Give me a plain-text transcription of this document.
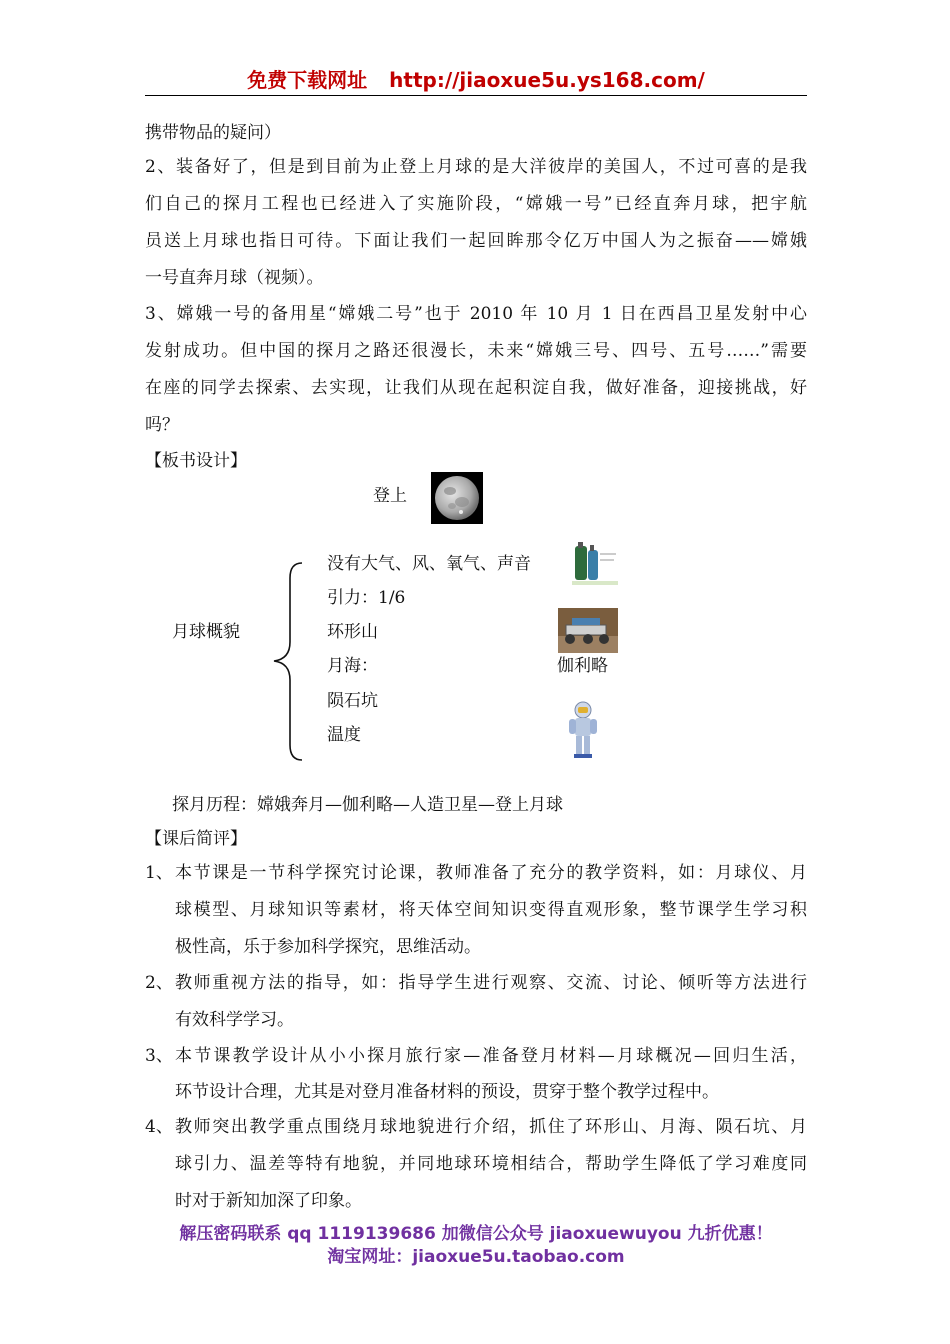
免费下载网址 http://jiaoxue5u.ys168.com/
携带物品的疑问）
2、装备好了，但是到目前为止登上月球的是大洋彼岸的美国人，不过可喜的是我
们自己的探月工程也已经进入了实施阶段，“嫦娥一号”已经直奔月球，把宇航
员送上月球也指日可待。下面让我们一起回眸那令亿万中国人为之振奋——嫦娥
一号直奔月球（视频）。
3、嫦娥一号的备用星“嫦娥二号”也于 2010 年 10 月 1 日在西昌卫星发射中心
发射成功。但中国的探月之路还很漫长，未来“嫦娥三号、四号、五号……”需要
在座的同学去探索、去实现，让我们从现在起积淀自我，做好准备，迎接挑战，好
吗？
【板书设计】
登上
月球概貌
没有大气、风、氧气、声音
引力：1/6
环形山
月海：
陨石坑
温度
伽利略
探月历程：嫦娥奔月—伽利略—人造卫星—登上月球
【课后简评】
1、 本节课是一节科学探究讨论课，教师准备了充分的教学资料，如：月球仪、月
球模型、月球知识等素材，将天体空间知识变得直观形象，整节课学生学习积
极性高，乐于参加科学探究，思维活动。
2、 教师重视方法的指导，如：指导学生进行观察、交流、讨论、倾听等方法进行
有效科学学习。
3、 本节课教学设计从小小探月旅行家—准备登月材料—月球概况—回归生活，
环节设计合理，尤其是对登月准备材料的预设，贯穿于整个教学过程中。
4、 教师突出教学重点围绕月球地貌进行介绍，抓住了环形山、月海、陨石坑、月
球引力、温差等特有地貌，并同地球环境相结合，帮助学生降低了学习难度同
时对于新知加深了印象。
解压密码联系 qq 1119139686 加微信公众号 jiaoxuewuyou 九折优惠！
淘宝网址：jiaoxue5u.taobao.com
